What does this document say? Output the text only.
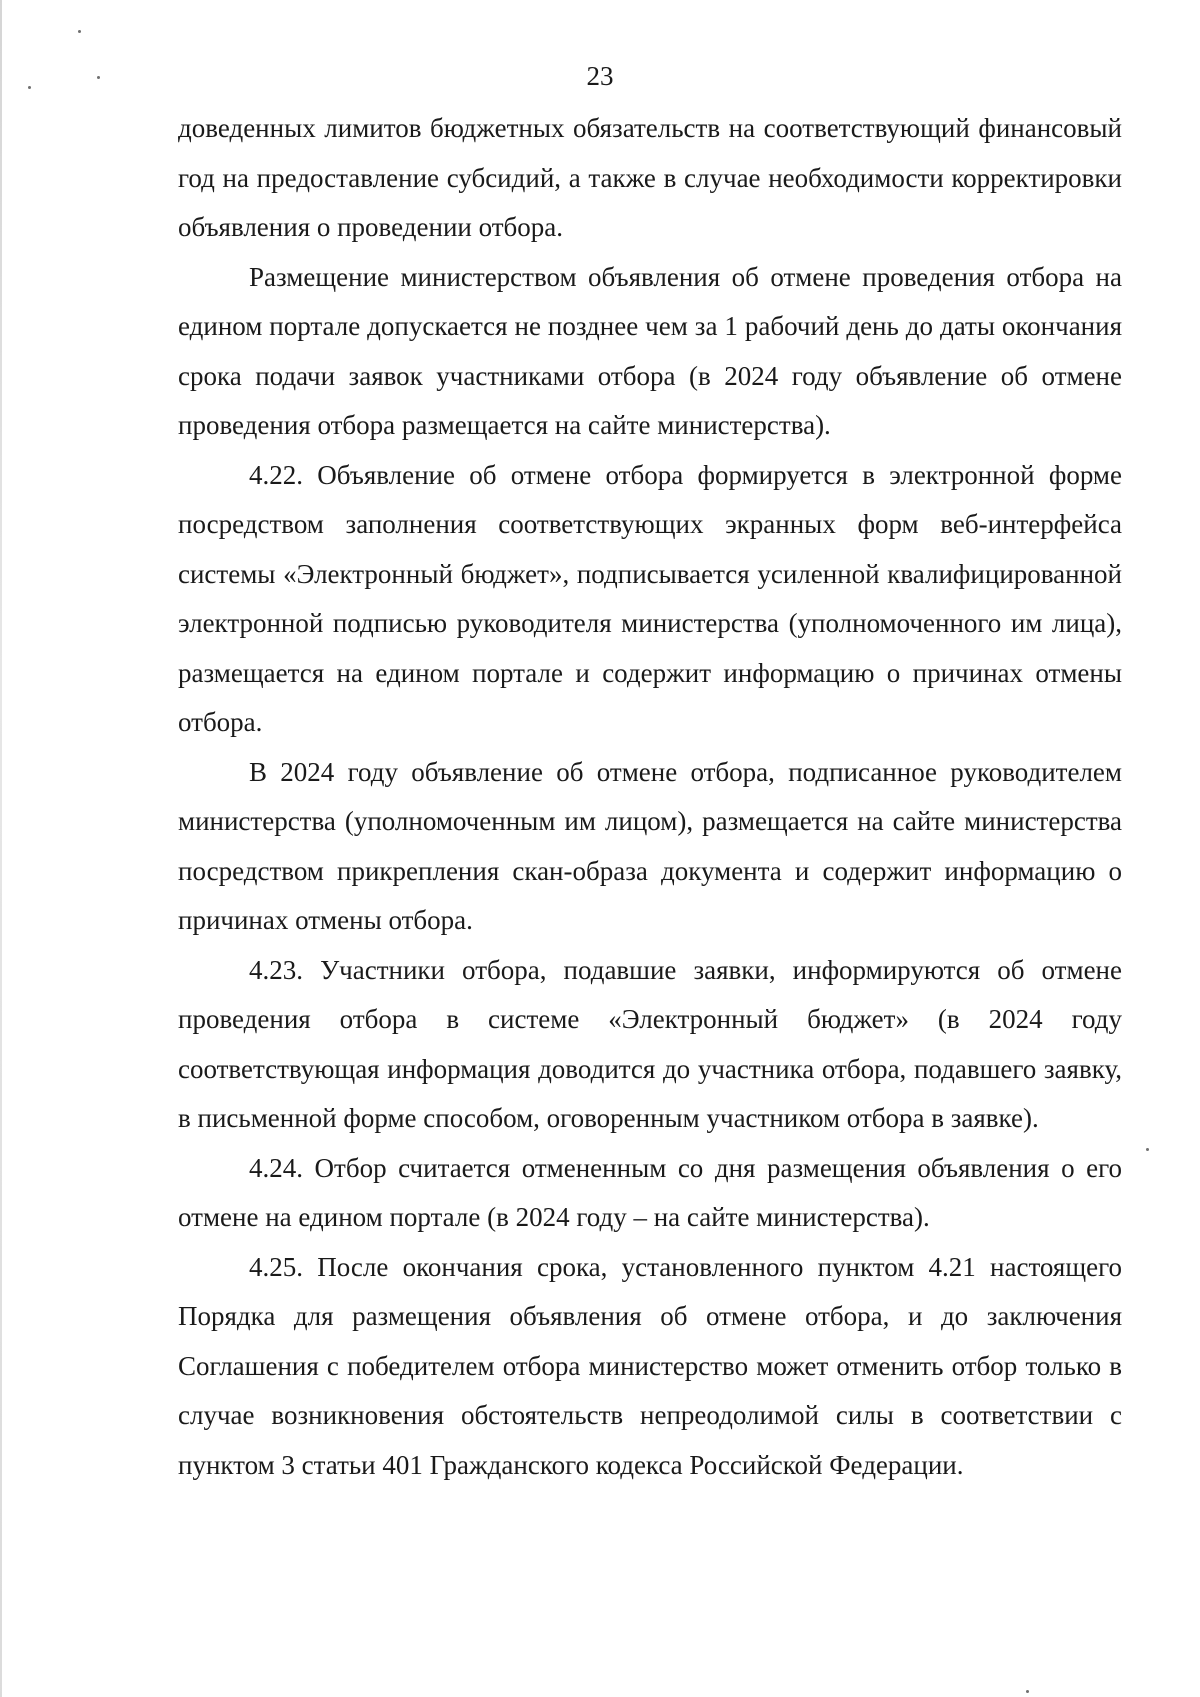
23

доведенных лимитов бюджетных обязательств на соответствующий финансовый год на предоставление субсидий, а также в случае необходимости корректировки объявления о проведении отбора.

Размещение министерством объявления об отмене проведения отбора на едином портале допускается не позднее чем за 1 рабочий день до даты окончания срока подачи заявок участниками отбора (в 2024 году объявление об отмене проведения отбора размещается на сайте министерства).

4.22. Объявление об отмене отбора формируется в электронной форме посредством заполнения соответствующих экранных форм веб-интерфейса системы «Электронный бюджет», подписывается усиленной квалифицированной электронной подписью руководителя министерства (уполномоченного им лица), размещается на едином портале и содержит информацию о причинах отмены отбора.

В 2024 году объявление об отмене отбора, подписанное руководителем министерства (уполномоченным им лицом), размещается на сайте министерства посредством прикрепления скан-образа документа и содержит информацию о причинах отмены отбора.

4.23. Участники отбора, подавшие заявки, информируются об отмене проведения отбора в системе «Электронный бюджет» (в 2024 году соответствующая информация доводится до участника отбора, подавшего заявку, в письменной форме способом, оговоренным участником отбора в заявке).

4.24. Отбор считается отмененным со дня размещения объявления о его отмене на едином портале (в 2024 году – на сайте министерства).

4.25. После окончания срока, установленного пунктом 4.21 настоящего Порядка для размещения объявления об отмене отбора, и до заключения Соглашения с победителем отбора министерство может отменить отбор только в случае возникновения обстоятельств непреодолимой силы в соответствии с пунктом 3 статьи 401 Гражданского кодекса Российской Федерации.
